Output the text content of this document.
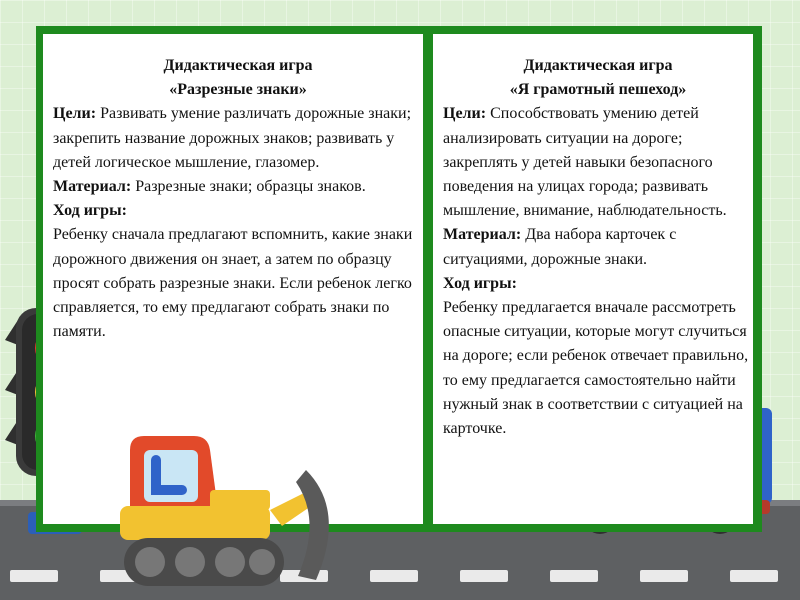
Дидактическая игра
«Разрезные знаки»

Цели: Развивать умение различать дорожные знаки; закрепить название дорожных знаков; развивать у детей логическое мышление, глазомер.

Материал: Разрезные знаки; образцы знаков.

Ход игры:

Ребенку сначала предлагают вспомнить, какие знаки дорожного движения он знает, а затем по образцу просят собрать разрезные знаки. Если ребенок легко справляется, то ему предлагают собрать знаки по памяти.

Дидактическая игра
«Я грамотный пешеход»

Цели: Способствовать умению детей анализировать ситуации на дороге; закреплять у детей навыки безопасного поведения на улицах города; развивать мышление, внимание, наблюдательность.

Материал: Два набора карточек с ситуациями, дорожные знаки.

Ход игры:

Ребенку предлагается вначале рассмотреть опасные ситуации, которые могут случиться на дороге; если ребенок отвечает правильно, то ему предлагается самостоятельно найти нужный знак в соответствии с ситуацией на карточке.
